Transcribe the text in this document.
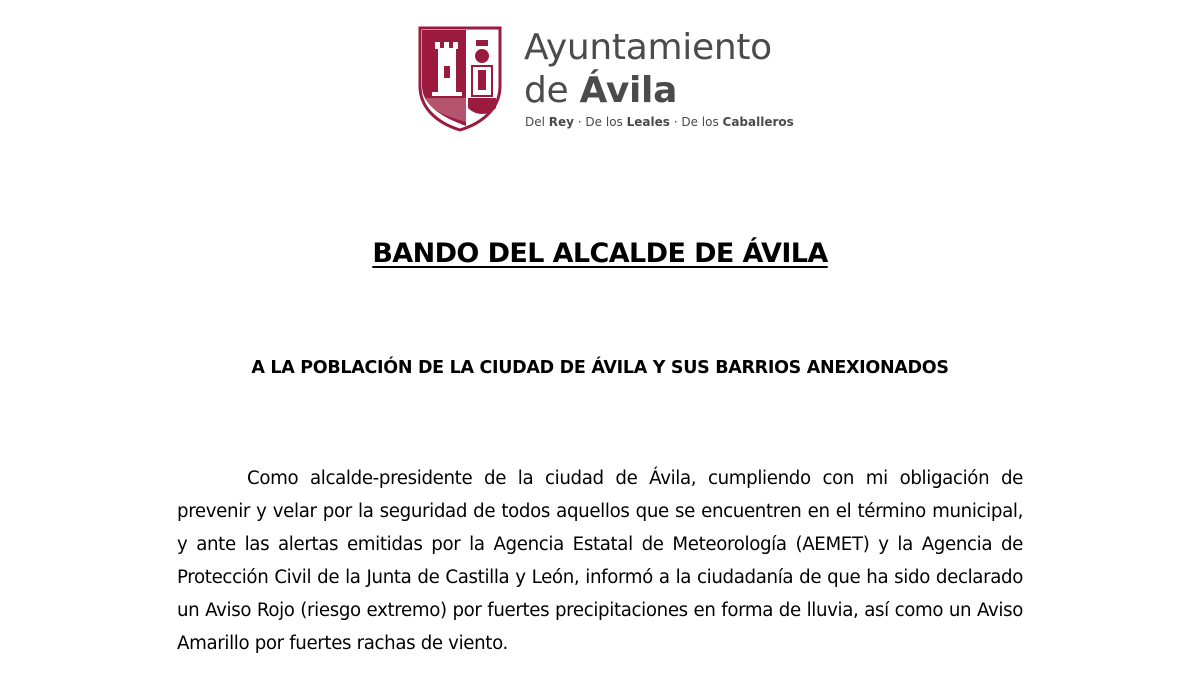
Ayuntamiento
de Ávila
Del Rey · De los Leales · De los Caballeros
BANDO DEL ALCALDE DE ÁVILA
A LA POBLACIÓN DE LA CIUDAD DE ÁVILA Y SUS BARRIOS ANEXIONADOS

Como alcalde-presidente de la ciudad de Ávila, cumpliendo con mi obligación de prevenir y velar por la seguridad de todos aquellos que se encuentren en el término municipal, y ante las alertas emitidas por la Agencia Estatal de Meteorología (AEMET) y la Agencia de Protección Civil de la Junta de Castilla y León, informó a la ciudadanía de que ha sido declarado un Aviso Rojo (riesgo extremo) por fuertes precipitaciones en forma de lluvia, así como un Aviso Amarillo por fuertes rachas de viento.
